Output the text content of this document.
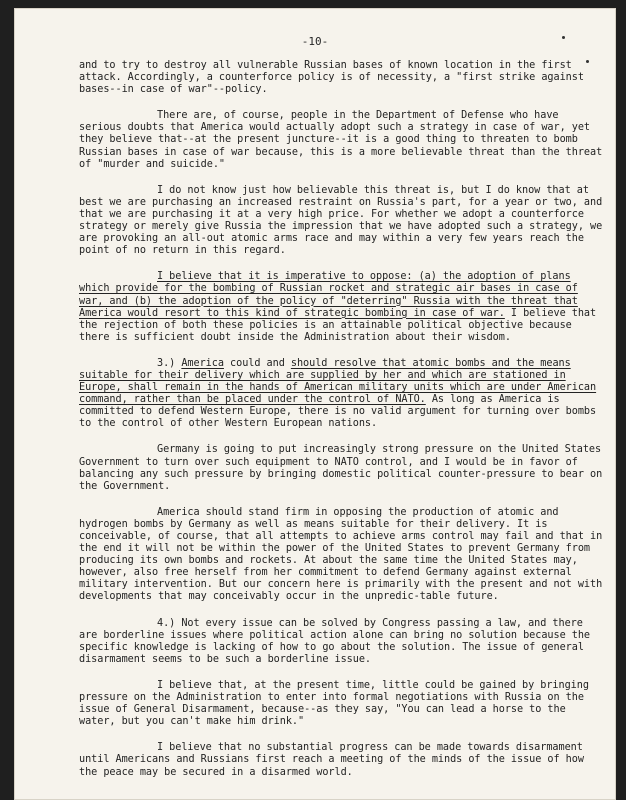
-10-

and to try to destroy all vulnerable Russian bases of known location in the first attack. Accordingly, a counterforce policy is of necessity, a "first strike against bases--in case of war"--policy.

There are, of course, people in the Department of Defense who have serious doubts that America would actually adopt such a strategy in case of war, yet they believe that--at the present juncture--it is a good thing to threaten to bomb Russian bases in case of war because, this is a more believable threat than the threat of "murder and suicide."

I do not know just how believable this threat is, but I do know that at best we are purchasing an increased restraint on Russia's part, for a year or two, and that we are purchasing it at a very high price. For whether we adopt a counterforce strategy or merely give Russia the impression that we have adopted such a strategy, we are provoking an all-out atomic arms race and may within a very few years reach the point of no return in this regard.

I believe that it is imperative to oppose: (a) the adoption of plans which provide for the bombing of Russian rocket and strategic air bases in case of war, and (b) the adoption of the policy of "deterring" Russia with the threat that America would resort to this kind of strategic bombing in case of war. I believe that the rejection of both these policies is an attainable political objective because there is sufficient doubt inside the Administration about their wisdom.

3.) America could and should resolve that atomic bombs and the means suitable for their delivery which are supplied by her and which are stationed in Europe, shall remain in the hands of American military units which are under American command, rather than be placed under the control of NATO. As long as America is committed to defend Western Europe, there is no valid argument for turning over bombs to the control of other Western European nations.

Germany is going to put increasingly strong pressure on the United States Government to turn over such equipment to NATO control, and I would be in favor of balancing any such pressure by bringing domestic political counter-pressure to bear on the Government.

America should stand firm in opposing the production of atomic and hydrogen bombs by Germany as well as means suitable for their delivery. It is conceivable, of course, that all attempts to achieve arms control may fail and that in the end it will not be within the power of the United States to prevent Germany from producing its own bombs and rockets. At about the same time the United States may, however, also free herself from her commitment to defend Germany against external military intervention. But our concern here is primarily with the present and not with developments that may conceivably occur in the unpredic-table future.

4.) Not every issue can be solved by Congress passing a law, and there are borderline issues where political action alone can bring no solution because the specific knowledge is lacking of how to go about the solution. The issue of general disarmament seems to be such a borderline issue.

I believe that, at the present time, little could be gained by bringing pressure on the Administration to enter into formal negotiations with Russia on the issue of General Disarmament, because--as they say, "You can lead a horse to the water, but you can't make him drink."

I believe that no substantial progress can be made towards disarmament until Americans and Russians first reach a meeting of the minds of the issue of how the peace may be secured in a disarmed world.
